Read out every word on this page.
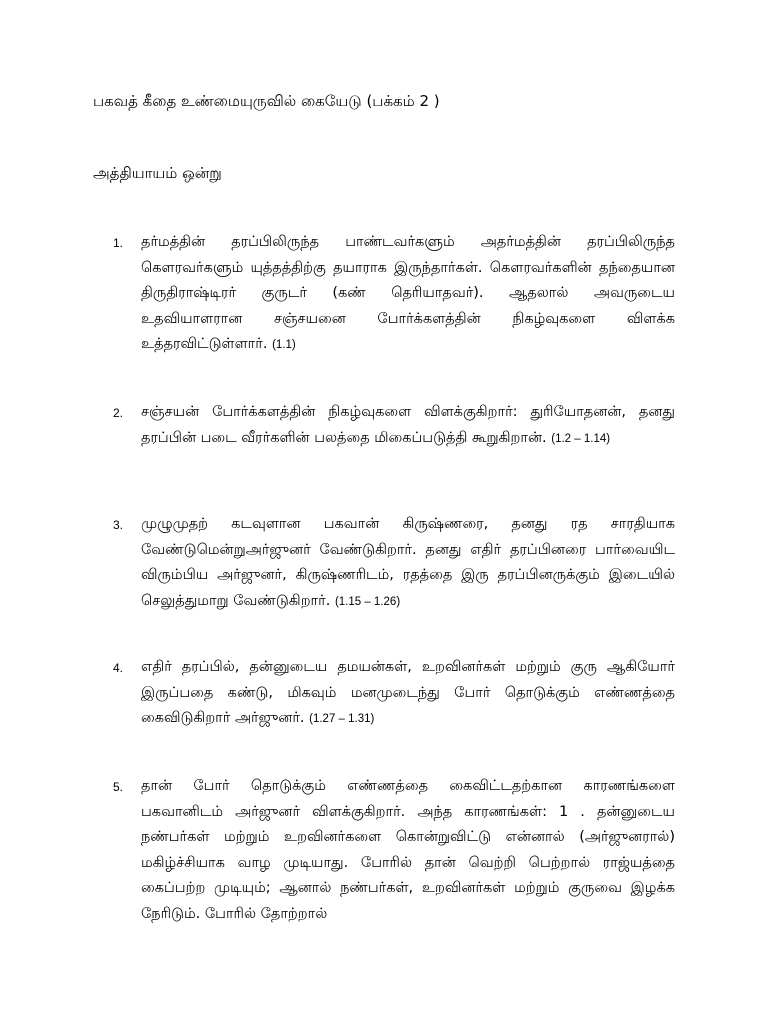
பகவத் கீதை உண்மையுருவில் கையேடு (பக்கம் 2 )
அத்தியாயம் ஒன்று
1. தர்மத்தின் தரப்பிலிருந்த பாண்டவர்களும் அதர்மத்தின் தரப்பிலிருந்த கௌரவர்களும் யுத்தத்திற்கு தயாராக இருந்தார்கள். கௌரவர்களின் தந்தையான திருதிராஷ்டிரர் குருடர் (கண் தெரியாதவர்). ஆதலால் அவருடைய உதவியாளரான சஞ்சயனை போர்க்களத்தின் நிகழ்வுகளை விளக்க உத்தரவிட்டுள்ளார். (1.1)
2. சஞ்சயன் போர்க்களத்தின் நிகழ்வுகளை விளக்குகிறார்: துரியோதனன், தனது தரப்பின் படை வீரர்களின் பலத்தை மிகைப்படுத்தி கூறுகிறான். (1.2 – 1.14)
3. முழுமுதற் கடவுளான பகவான் கிருஷ்ணரை, தனது ரத சாரதியாக வேண்டுமென்றுஅர்ஜுனர் வேண்டுகிறார். தனது எதிர் தரப்பினரை பார்வையிட விரும்பிய அர்ஜுனர், கிருஷ்ணரிடம், ரதத்தை இரு தரப்பினருக்கும் இடையில் செலுத்துமாறு வேண்டுகிறார். (1.15 – 1.26)
4. எதிர் தரப்பில், தன்னுடைய தமயன்கள், உறவினர்கள் மற்றும் குரு ஆகியோர் இருப்பதை கண்டு, மிகவும் மனமுடைந்து போர் தொடுக்கும் எண்ணத்தை கைவிடுகிறார் அர்ஜுனர். (1.27 – 1.31)
5. தான் போர் தொடுக்கும் எண்ணத்தை கைவிட்டதற்கான காரணங்களை பகவானிடம் அர்ஜுனர் விளக்குகிறார். அந்த காரணங்கள்: 1 . தன்னுடைய நண்பர்கள் மற்றும் உறவினர்களை கொன்றுவிட்டு என்னால் (அர்ஜுனரால்) மகிழ்ச்சியாக வாழ முடியாது. போரில் தான் வெற்றி பெற்றால் ராஜ்யத்தை கைப்பற்ற முடியும்; ஆனால் நண்பர்கள், உறவினர்கள் மற்றும் குருவை இழக்க நேரிடும். போரில் தோற்றால்
